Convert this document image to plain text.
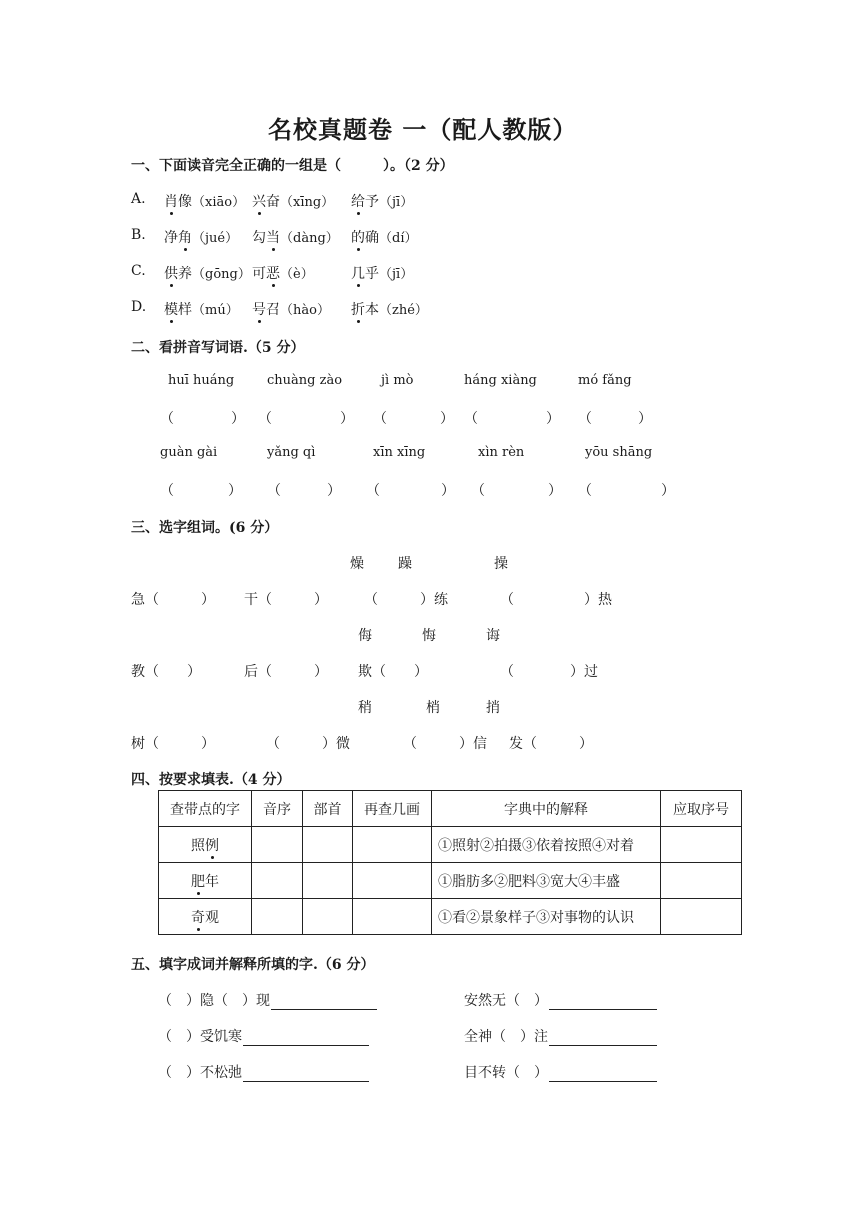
名校真题卷 一（配人教版）
一、下面读音完全正确的一组是（　　　）。（2 分）
A. 肖像（xiāo） 兴奋（xīng） 给予（jī）
B. 净角（jué） 勾当（dàng） 的确（dí）
C. 供养（gōng） 可恶（è）	几乎（jī）
D. 模样（mú） 号召（hào） 折本（zhé）
二、看拼音写词语.（5 分）
huī huáng	chuàng zào	jì mò	háng xiàng	mó fǎng
（	） （	） （	） （	） （	）
guàn gài	yǎng qì	xīn xīng	xìn rèn	yōu shāng
（	） （	） （	） （	） （	）
三、选字组词。(6 分）
燥 躁	操
急（　　　） 干（　　　）	（　　　）练	（　　　　　）热
侮	悔	诲
教（　　）	后（　　　） 欺（　　）	（　　　　）过
稍	梢	捎
树（　　　）	（　　　）微	（　　　）信 发（　　　）
四、按要求填表.（4 分）
查带点的字	音序	部首	再查几画	字典中的解释	应取序号
照例				①照射②拍摄③依着按照④对着	
肥年				①脂肪多②肥料③宽大④丰盛	
奇观				①看②景象样子③对事物的认识	
五、填字成词并解释所填的字.（6 分）
（　）隐（　）现
（　）受饥寒
（　）不松弛
安然无（　）
全神（　）注
目不转（　）
